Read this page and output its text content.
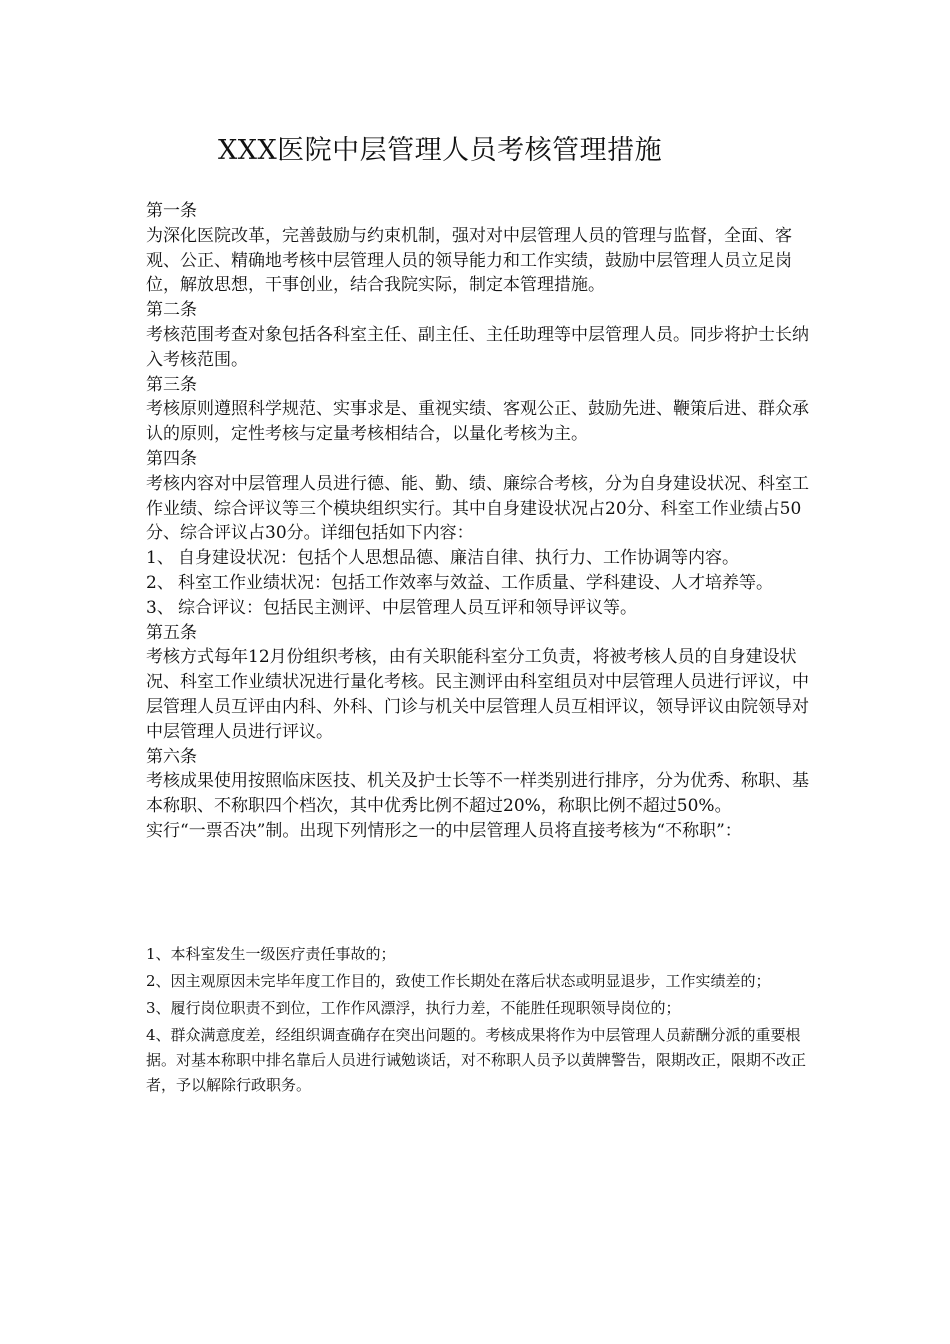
XXX医院中层管理人员考核管理措施
第一条
为深化医院改革，完善鼓励与约束机制，强对对中层管理人员的管理与监督，全面、客观、公正、精确地考核中层管理人员的领导能力和工作实绩，鼓励中层管理人员立足岗位，解放思想，干事创业，结合我院实际，制定本管理措施。
第二条
考核范围考查对象包括各科室主任、副主任、主任助理等中层管理人员。同步将护士长纳入考核范围。
第三条
考核原则遵照科学规范、实事求是、重视实绩、客观公正、鼓励先进、鞭策后进、群众承认的原则，定性考核与定量考核相结合，以量化考核为主。
第四条
考核内容对中层管理人员进行德、能、勤、绩、廉综合考核，分为自身建设状况、科室工作业绩、综合评议等三个模块组织实行。其中自身建设状况占20分、科室工作业绩占50分、综合评议占30分。详细包括如下内容：
1、 自身建设状况：包括个人思想品德、廉洁自律、执行力、工作协调等内容。
2、 科室工作业绩状况：包括工作效率与效益、工作质量、学科建设、人才培养等。
3、 综合评议：包括民主测评、中层管理人员互评和领导评议等。
第五条
考核方式每年12月份组织考核，由有关职能科室分工负责，将被考核人员的自身建设状况、科室工作业绩状况进行量化考核。民主测评由科室组员对中层管理人员进行评议，中层管理人员互评由内科、外科、门诊与机关中层管理人员互相评议，领导评议由院领导对中层管理人员进行评议。
第六条
考核成果使用按照临床医技、机关及护士长等不一样类别进行排序，分为优秀、称职、基本称职、不称职四个档次，其中优秀比例不超过20%，称职比例不超过50%。
实行“一票否决”制。出现下列情形之一的中层管理人员将直接考核为“不称职”：
1、本科室发生一级医疗责任事故的；
2、因主观原因未完毕年度工作目的，致使工作长期处在落后状态或明显退步，工作实绩差的；
3、履行岗位职责不到位，工作作风漂浮，执行力差，不能胜任现职领导岗位的；
4、群众满意度差，经组织调查确存在突出问题的。考核成果将作为中层管理人员薪酬分派的重要根据。对基本称职中排名靠后人员进行诫勉谈话，对不称职人员予以黄牌警告，限期改正，限期不改正者，予以解除行政职务。
